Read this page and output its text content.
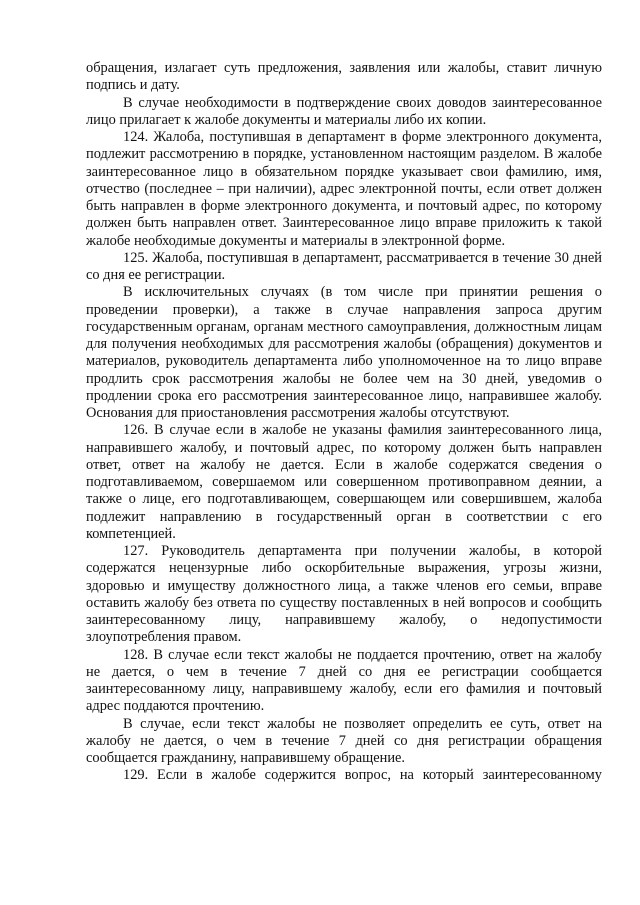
обращения, излагает суть предложения, заявления или жалобы, ставит личную подпись и дату.

В случае необходимости в подтверждение своих доводов заинтересованное лицо прилагает к жалобе документы и материалы либо их копии.

124. Жалоба, поступившая в департамент в форме электронного документа, подлежит рассмотрению в порядке, установленном настоящим разделом. В жалобе заинтересованное лицо в обязательном порядке указывает свои фамилию, имя, отчество (последнее – при наличии), адрес электронной почты, если ответ должен быть направлен в форме электронного документа, и почтовый адрес, по которому должен быть направлен ответ. Заинтересованное лицо вправе приложить к такой жалобе необходимые документы и материалы в электронной форме.

125. Жалоба, поступившая в департамент, рассматривается в течение 30 дней со дня ее регистрации.

В исключительных случаях (в том числе при принятии решения о проведении проверки), а также в случае направления запроса другим государственным органам, органам местного самоуправления, должностным лицам для получения необходимых для рассмотрения жалобы (обращения) документов и материалов, руководитель департамента либо уполномоченное на то лицо вправе продлить срок рассмотрения жалобы не более чем на 30 дней, уведомив о продлении срока его рассмотрения заинтересованное лицо, направившее жалобу. Основания для приостановления рассмотрения жалобы отсутствуют.

126. В случае если в жалобе не указаны фамилия заинтересованного лица, направившего жалобу, и почтовый адрес, по которому должен быть направлен ответ, ответ на жалобу не дается. Если в жалобе содержатся сведения о подготавливаемом, совершаемом или совершенном противоправном деянии, а также о лице, его подготавливающем, совершающем или совершившем, жалоба подлежит направлению в государственный орган в соответствии с его компетенцией.

127. Руководитель департамента при получении жалобы, в которой содержатся нецензурные либо оскорбительные выражения, угрозы жизни, здоровью и имуществу должностного лица, а также членов его семьи, вправе оставить жалобу без ответа по существу поставленных в ней вопросов и сообщить заинтересованному лицу, направившему жалобу, о недопустимости злоупотребления правом.

128. В случае если текст жалобы не поддается прочтению, ответ на жалобу не дается, о чем в течение 7 дней со дня ее регистрации сообщается заинтересованному лицу, направившему жалобу, если его фамилия и почтовый адрес поддаются прочтению.

В случае, если текст жалобы не позволяет определить ее суть, ответ на жалобу не дается, о чем в течение 7 дней со дня регистрации обращения сообщается гражданину, направившему обращение.

129. Если в жалобе содержится вопрос, на который заинтересованному
